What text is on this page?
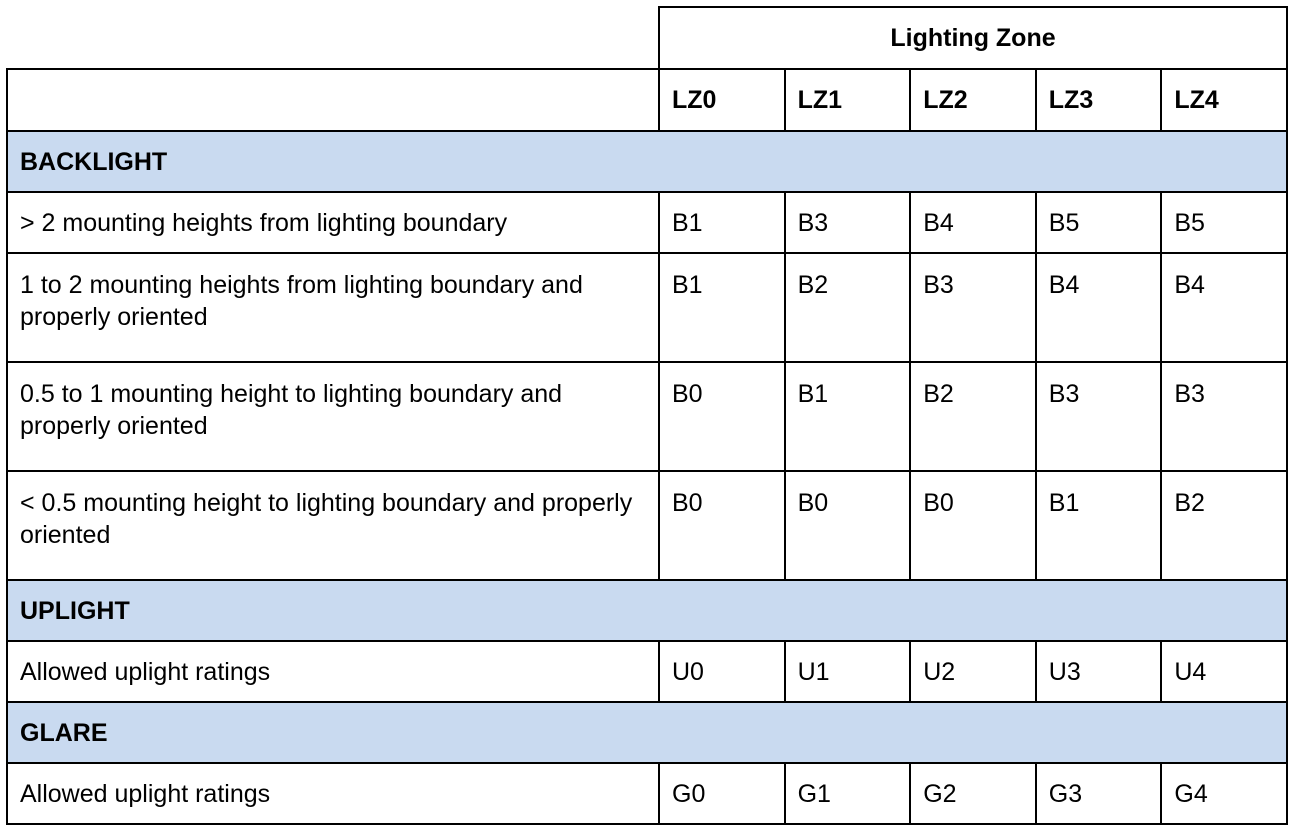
	Lighting Zone				
	LZ0	LZ1	LZ2	LZ3	LZ4
BACKLIGHT					
> 2 mounting heights from lighting boundary	B1	B3	B4	B5	B5
1 to 2 mounting heights from lighting boundary and properly oriented	B1	B2	B3	B4	B4
0.5 to 1 mounting height to lighting boundary and properly oriented	B0	B1	B2	B3	B3
< 0.5 mounting height to lighting boundary and properly oriented	B0	B0	B0	B1	B2
UPLIGHT					
Allowed uplight ratings	U0	U1	U2	U3	U4
GLARE					
Allowed uplight ratings	G0	G1	G2	G3	G4
